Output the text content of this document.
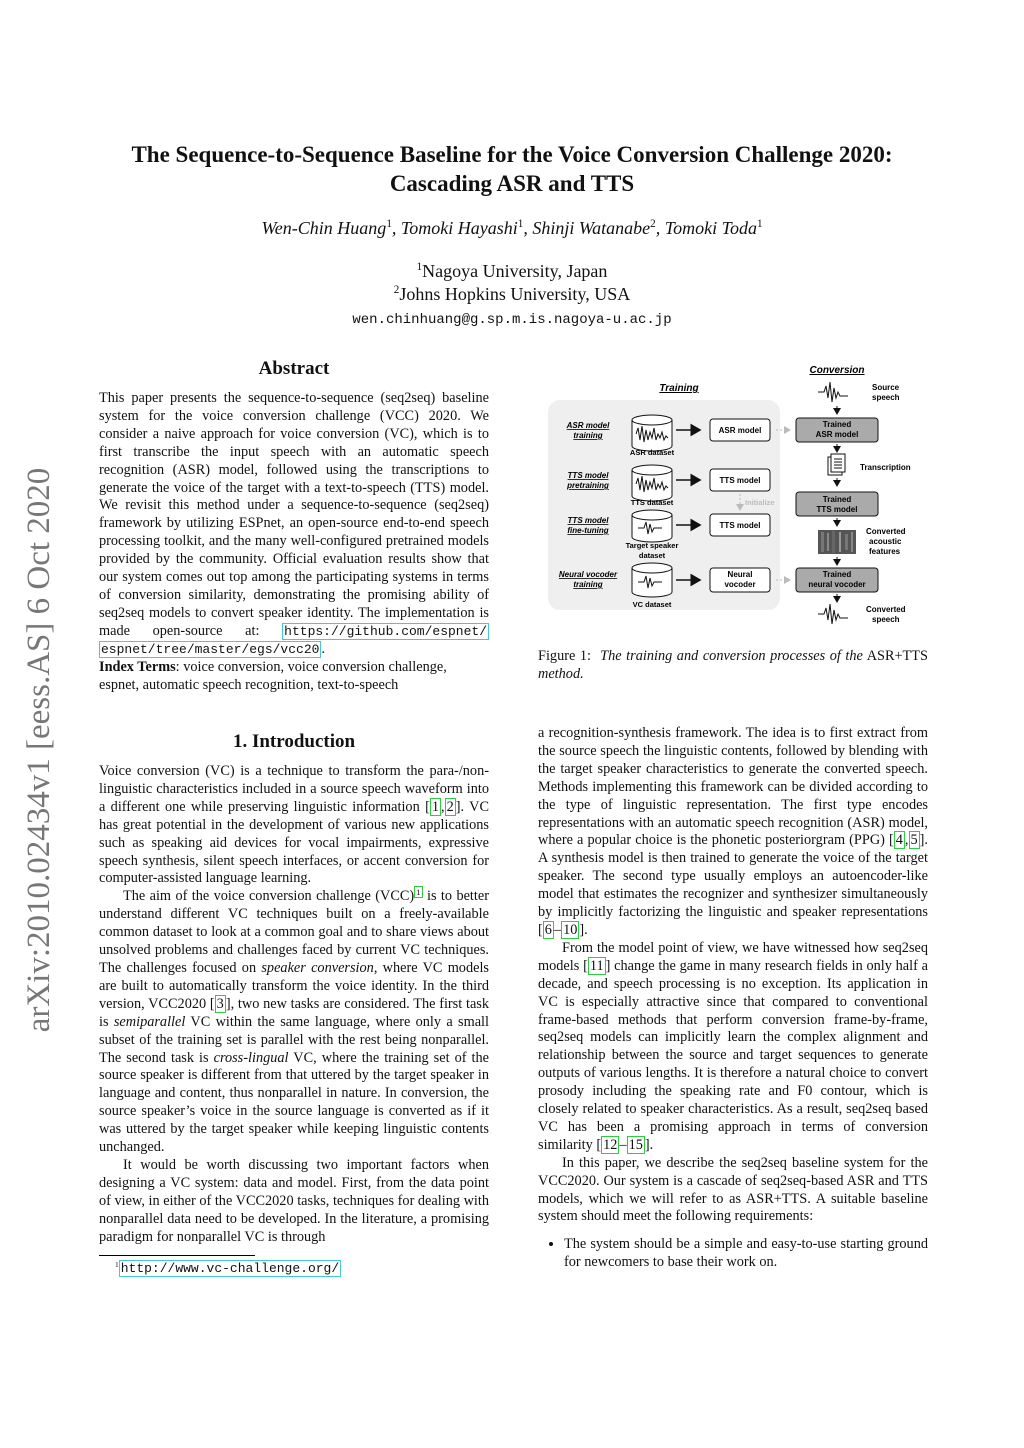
arXiv:2010.02434v1 [eess.AS] 6 Oct 2020
The Sequence-to-Sequence Baseline for the Voice Conversion Challenge 2020:
Cascading ASR and TTS
Wen-Chin Huang$^1$, Tomoki Hayashi$^1$, Shinji Watanabe$^2$, Tomoki Toda$^1$
$^1$Nagoya University, Japan
$^2$Johns Hopkins University, USA
wen.chinhuang@g.sp.m.is.nagoya-u.ac.jp
Abstract

This paper presents the sequence-to-sequence (seq2seq) baseline system for the voice conversion challenge (VCC) 2020. We consider a naive approach for voice conversion (VC), which is to first transcribe the input speech with an automatic speech recognition (ASR) model, followed using the transcriptions to generate the voice of the target with a text-to-speech (TTS) model. We revisit this method under a sequence-to-sequence (seq2seq) framework by utilizing ESPnet, an open-source end-to-end speech processing toolkit, and the many well-configured pretrained models provided by the community. Official evaluation results show that our system comes out top among the participating systems in terms of conversion similarity, demonstrating the promising ability of seq2seq models to convert speaker identity. The implementation is made open-source at: https://github.com/espnet/ espnet/tree/master/egs/vcc20 .

Index Terms: voice conversion, voice conversion challenge, espnet, automatic speech recognition, text-to-speech

1. Introduction

Voice conversion (VC) is a technique to transform the para-/non-linguistic characteristics included in a source speech waveform into a different one while preserving linguistic information [ 1 , 2 ]. VC has great potential in the development of various new applications such as speaking aid devices for vocal impairments, expressive speech synthesis, silent speech interfaces, or accent conversion for computer-assisted language learning.

The aim of the voice conversion challenge (VCC) $^1$ is to better understand different VC techniques built on a freely-available common dataset to look at a common goal and to share views about unsolved problems and challenges faced by current VC techniques. The challenges focused on speaker conversion, where VC models are built to automatically transform the voice identity. In the third version, VCC2020 [ 3 ], two new tasks are considered. The first task is semiparallel VC within the same language, where only a small subset of the training set is parallel with the rest being nonparallel. The second task is cross-lingual VC, where the training set of the source speaker is different from that uttered by the target speaker in language and content, thus nonparallel in nature. In conversion, the source speaker’s voice in the source language is converted as if it was uttered by the target speaker while keeping linguistic contents unchanged.

It would be worth discussing two important factors when designing a VC system: data and model. First, from the data point of view, in either of the VCC2020 tasks, techniques for dealing with nonparallel data need to be developed. In the literature, a promising paradigm for nonparallel VC is through

$^1$ http://www.vc-challenge.org/
Conversion
Training	Source speech
ASR model training
ASR dataset
ASR model
Trained ASR model
Transcription
TTS model pretraining
TTS dataset
TTS model
Initialize	Trained TTS model
TTS model fine-tuning
Target speaker dataset
TTS model
Converted acoustic features
Neural vocoder training
VC dataset
Neural vocoder
Trained neural vocoder
Converted speech
Figure 1: The training and conversion processes of the ASR+TTS method.

a recognition-synthesis framework. The idea is to first extract from the source speech the linguistic contents, followed by blending with the target speaker characteristics to generate the converted speech. Methods implementing this framework can be divided according to the type of linguistic representation. The first type encodes representations with an automatic speech recognition (ASR) model, where a popular choice is the phonetic posteriorgram (PPG) [ 4 , 5 ]. A synthesis model is then trained to generate the voice of the target speaker. The second type usually employs an autoencoder-like model that estimates the recognizer and synthesizer simultaneously by implicitly factorizing the linguistic and speaker representations [ 6 – 10 ].

From the model point of view, we have witnessed how seq2seq models [ 11 ] change the game in many research fields in only half a decade, and speech processing is no exception. Its application in VC is especially attractive since that compared to conventional frame-based methods that perform conversion frame-by-frame, seq2seq models can implicitly learn the complex alignment and relationship between the source and target sequences to generate outputs of various lengths. It is therefore a natural choice to convert prosody including the speaking rate and F0 contour, which is closely related to speaker characteristics. As a result, seq2seq based VC has been a promising approach in terms of conversion similarity [ 12 – 15 ].

In this paper, we describe the seq2seq baseline system for the VCC2020. Our system is a cascade of seq2seq-based ASR and TTS models, which we will refer to as ASR+TTS. A suitable baseline system should meet the following requirements:

• The system should be a simple and easy-to-use starting ground for newcomers to base their work on.
